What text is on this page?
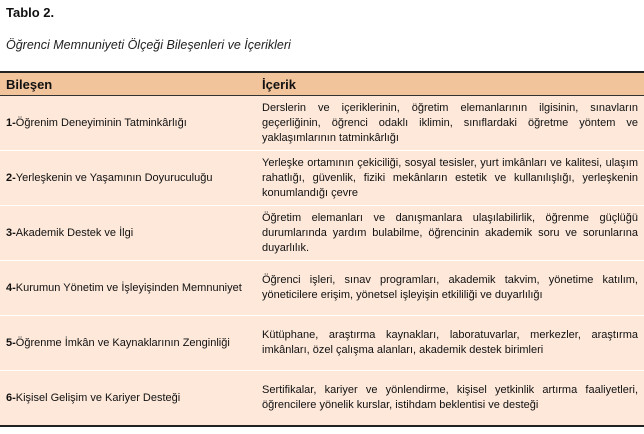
Tablo 2.
Öğrenci Memnuniyeti Ölçeği Bileşenleri ve İçerikleri
Bileşen	İçerik
1-Öğrenim Deneyiminin Tatminkârlığı	Derslerin ve içeriklerinin, öğretim elemanlarının ilgisinin, sınavların geçerliğinin, öğrenci odaklı iklimin, sınıflardaki öğretme yöntem ve yaklaşımlarının tatminkârlığı
2-Yerleşkenin ve Yaşamının Doyuruculuğu	Yerleşke ortamının çekiciliği, sosyal tesisler, yurt imkânları ve kalitesi, ulaşım rahatlığı, güvenlik, fiziki mekânların estetik ve kullanılışlığı, yerleşkenin konumlandığı çevre
3-Akademik Destek ve İlgi	Öğretim elemanları ve danışmanlara ulaşılabilirlik, öğrenme güçlüğü durumlarında yardım bulabilme, öğrencinin akademik soru ve sorunlarına duyarlılık.
4-Kurumun Yönetim ve İşleyişinden Memnuniyet	Öğrenci işleri, sınav programları, akademik takvim, yönetime katılım, yöneticilere erişim, yönetsel işleyişin etkililiği ve duyarlılığı
5-Öğrenme İmkân ve Kaynaklarının Zenginliği	Kütüphane, araştırma kaynakları, laboratuvarlar, merkezler, araştırma imkânları, özel çalışma alanları, akademik destek birimleri
6-Kişisel Gelişim ve Kariyer Desteği	Sertifikalar, kariyer ve yönlendirme, kişisel yetkinlik artırma faaliyetleri, öğrencilere yönelik kurslar, istihdam beklentisi ve desteği
